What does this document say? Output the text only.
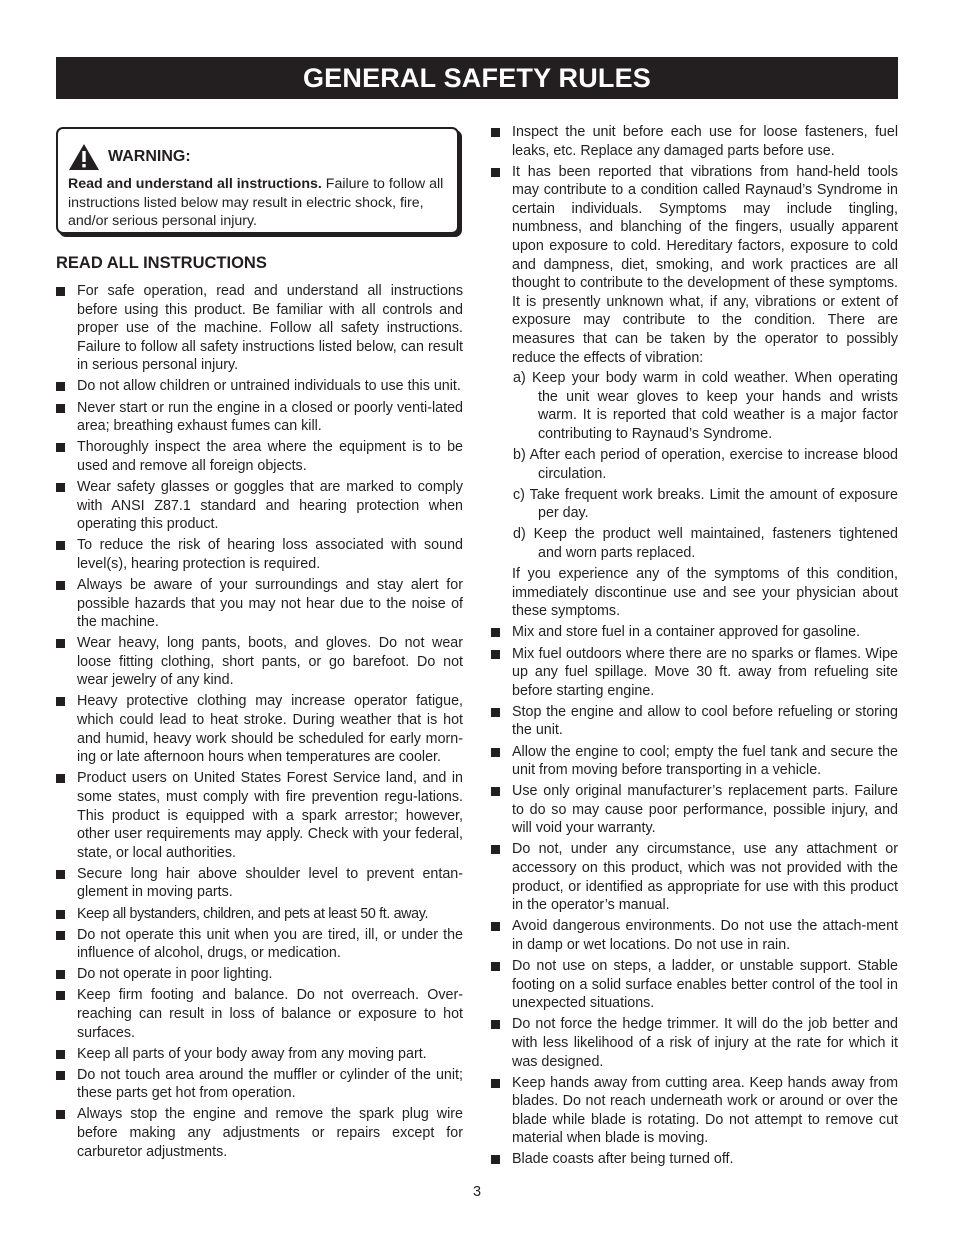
GENERAL SAFETY RULES
WARNING:
Read and understand all instructions. Failure to follow all instructions listed below may result in electric shock, fire, and/or serious personal injury.
READ ALL INSTRUCTIONS
For safe operation, read and understand all instructions before using this product. Be familiar with all controls and proper use of the machine. Follow all safety instructions. Failure to follow all safety instructions listed below, can result in serious personal injury.
Do not allow children or untrained individuals to use this unit.
Never start or run the engine in a closed or poorly venti-lated area; breathing exhaust fumes can kill.
Thoroughly inspect the area where the equipment is to be used and remove all foreign objects.
Wear safety glasses or goggles that are marked to comply with ANSI Z87.1 standard and hearing protection when operating this product.
To reduce the risk of hearing loss associated with sound level(s), hearing protection is required.
Always be aware of your surroundings and stay alert for possible hazards that you may not hear due to the noise of the machine.
Wear heavy, long pants, boots, and gloves. Do not wear loose fitting clothing, short pants, or go barefoot. Do not wear jewelry of any kind.
Heavy protective clothing may increase operator fatigue, which could lead to heat stroke. During weather that is hot and humid, heavy work should be scheduled for early morn-ing or late afternoon hours when temperatures are cooler.
Product users on United States Forest Service land, and in some states, must comply with fire prevention regu-lations. This product is equipped with a spark arrestor; however, other user requirements may apply. Check with your federal, state, or local authorities.
Secure long hair above shoulder level to prevent entan-glement in moving parts.
Keep all bystanders, children, and pets at least 50 ft. away.
Do not operate this unit when you are tired, ill, or under the influence of alcohol, drugs, or medication.
Do not operate in poor lighting.
Keep firm footing and balance. Do not overreach. Over-reaching can result in loss of balance or exposure to hot surfaces.
Keep all parts of your body away from any moving part.
Do not touch area around the muffler or cylinder of the unit; these parts get hot from operation.
Always stop the engine and remove the spark plug wire before making any adjustments or repairs except for carburetor adjustments.
Inspect the unit before each use for loose fasteners, fuel leaks, etc. Replace any damaged parts before use.
It has been reported that vibrations from hand-held tools may contribute to a condition called Raynaud’s Syndrome in certain individuals. Symptoms may include tingling, numbness, and blanching of the fingers, usually apparent upon exposure to cold. Hereditary factors, exposure to cold and dampness, diet, smoking, and work practices are all thought to contribute to the development of these symptoms. It is presently unknown what, if any, vibrations or extent of exposure may contribute to the condition. There are measures that can be taken by the operator to possibly reduce the effects of vibration:
a) Keep your body warm in cold weather. When operating the unit wear gloves to keep your hands and wrists warm. It is reported that cold weather is a major factor contributing to Raynaud’s Syndrome.
b) After each period of operation, exercise to increase blood circulation.
c) Take frequent work breaks. Limit the amount of exposure per day.
d) Keep the product well maintained, fasteners tightened and worn parts replaced.
If you experience any of the symptoms of this condition, immediately discontinue use and see your physician about these symptoms.
Mix and store fuel in a container approved for gasoline.
Mix fuel outdoors where there are no sparks or flames. Wipe up any fuel spillage. Move 30 ft. away from refueling site before starting engine.
Stop the engine and allow to cool before refueling or storing the unit.
Allow the engine to cool; empty the fuel tank and secure the unit from moving before transporting in a vehicle.
Use only original manufacturer’s replacement parts. Failure to do so may cause poor performance, possible injury, and will void your warranty.
Do not, under any circumstance, use any attachment or accessory on this product, which was not provided with the product, or identified as appropriate for use with this product in the operator’s manual.
Avoid dangerous environments. Do not use the attach-ment in damp or wet locations. Do not use in rain.
Do not use on steps, a ladder, or unstable support. Stable footing on a solid surface enables better control of the tool in unexpected situations.
Do not force the hedge trimmer. It will do the job better and with less likelihood of a risk of injury at the rate for which it was designed.
Keep hands away from cutting area. Keep hands away from blades. Do not reach underneath work or around or over the blade while blade is rotating. Do not attempt to remove cut material when blade is moving.
Blade coasts after being turned off.
3
